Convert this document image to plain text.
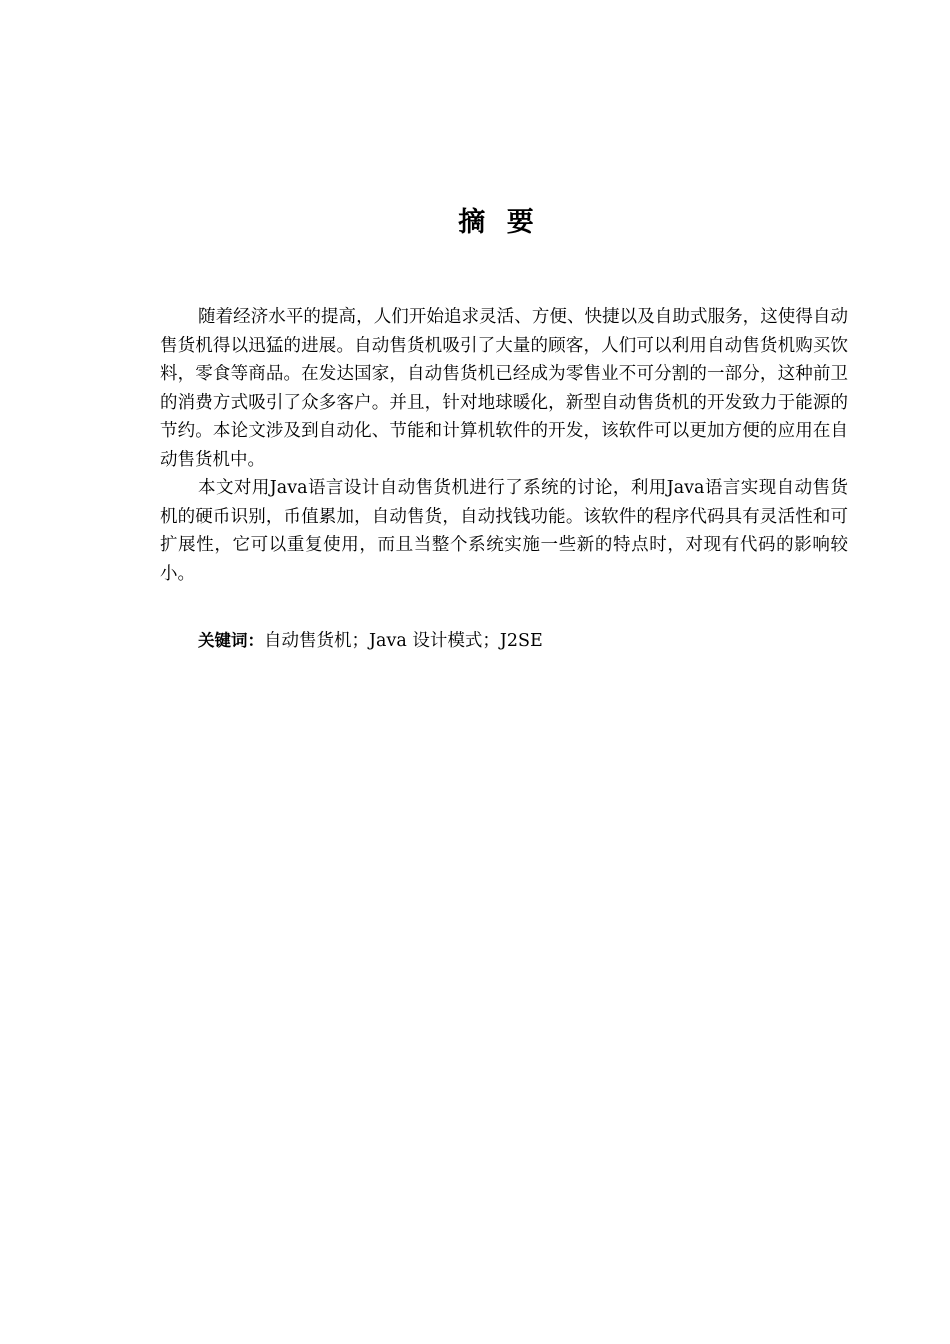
摘 要

随着经济水平的提高，人们开始追求灵活、方便、快捷以及自助式服务，这使得自动售货机得以迅猛的进展。自动售货机吸引了大量的顾客，人们可以利用自动售货机购买饮料，零食等商品。在发达国家，自动售货机已经成为零售业不可分割的一部分，这种前卫的消费方式吸引了众多客户。并且，针对地球暖化，新型自动售货机的开发致力于能源的节约。本论文涉及到自动化、节能和计算机软件的开发，该软件可以更加方便的应用在自动售货机中。

本文对用Java语言设计自动售货机进行了系统的讨论，利用Java语言实现自动售货机的硬币识别，币值累加，自动售货，自动找钱功能。该软件的程序代码具有灵活性和可扩展性，它可以重复使用，而且当整个系统实施一些新的特点时，对现有代码的影响较小。

关键词：自动售货机；Java 设计模式；J2SE
